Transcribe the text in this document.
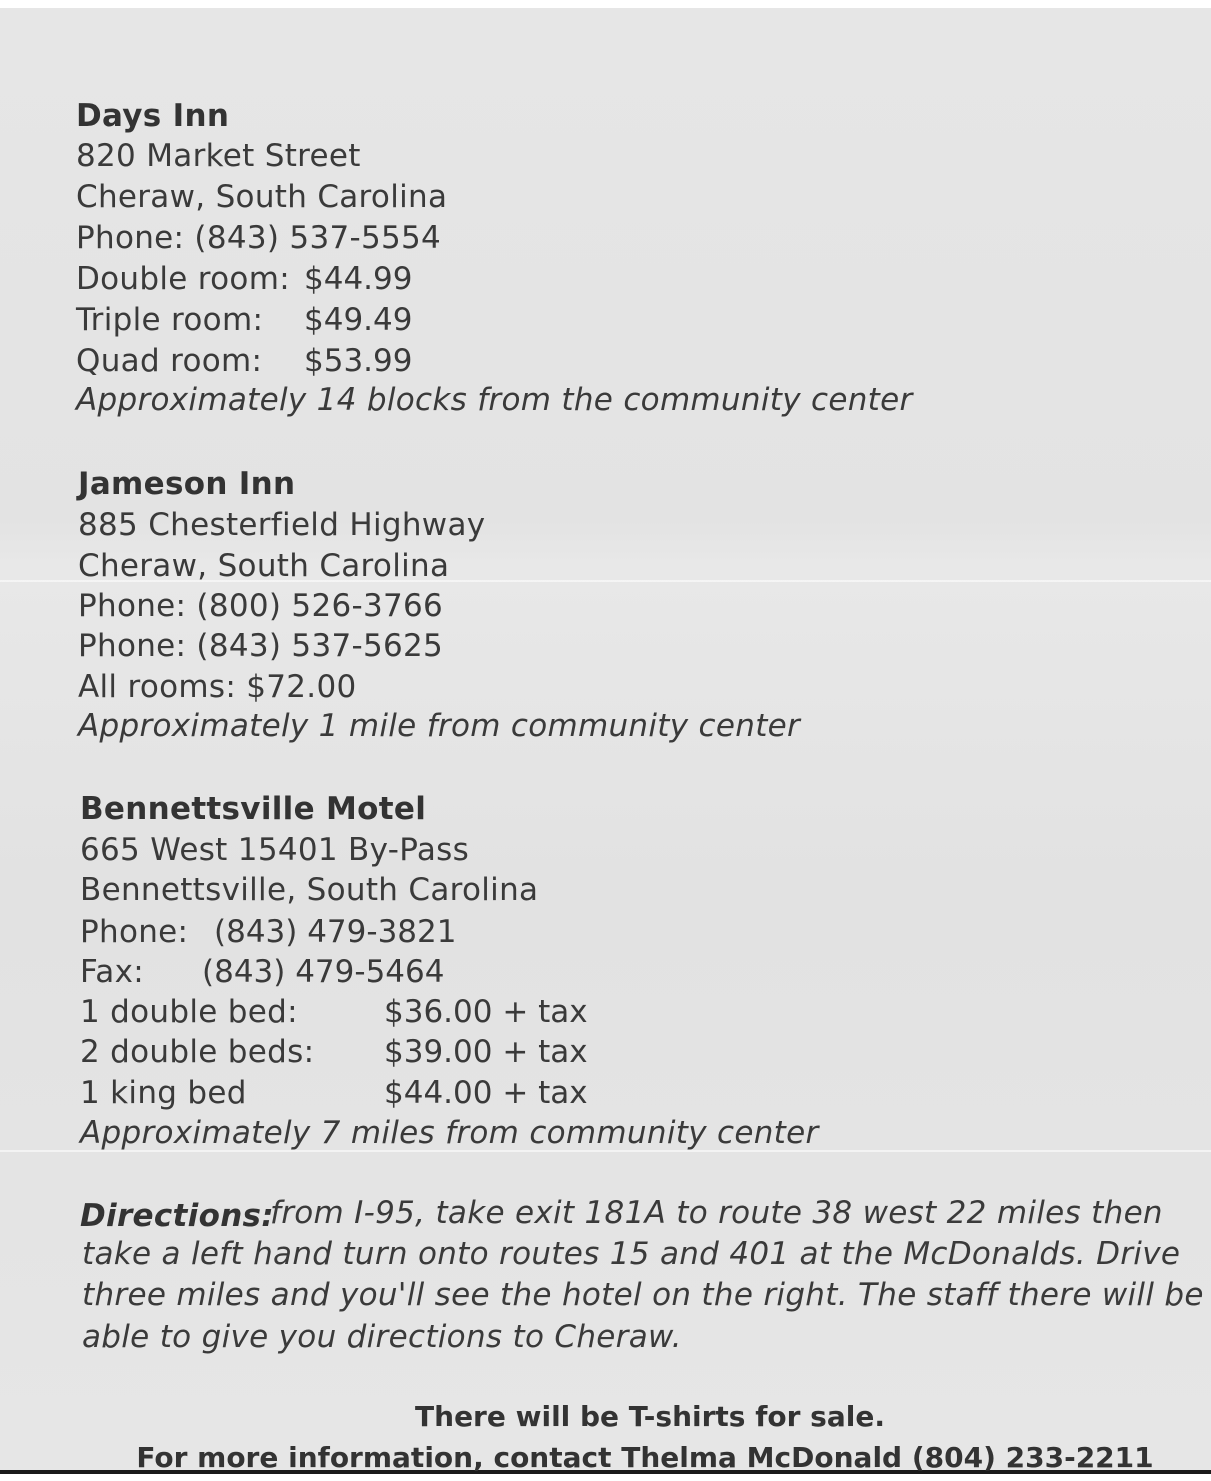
Days Inn
820 Market Street
Cheraw, South Carolina
Phone: (843) 537-5554
Double room: $44.99
Triple room: $49.49
Quad room: $53.99
Approximately 14 blocks from the community center
Jameson Inn
885 Chesterfield Highway
Cheraw, South Carolina
Phone: (800) 526-3766
Phone: (843) 537-5625
All rooms: $72.00
Approximately 1 mile from community center
Bennettsville Motel
665 West 15401 By-Pass
Bennettsville, South Carolina
Phone: (843) 479-3821
Fax: (843) 479-5464
1 double bed:	$36.00 + tax
2 double beds: $39.00 + tax
1 king bed	$44.00 + tax
Approximately 7 miles from community center
Directions:
from I-95, take exit 181A to route 38 west 22 miles then
take a left hand turn onto routes 15 and 401 at the McDonalds. Drive
three miles and you'll see the hotel on the right. The staff there will be
able to give you directions to Cheraw.
There will be T-shirts for sale.
For more information, contact Thelma McDonald (804) 233-2211
